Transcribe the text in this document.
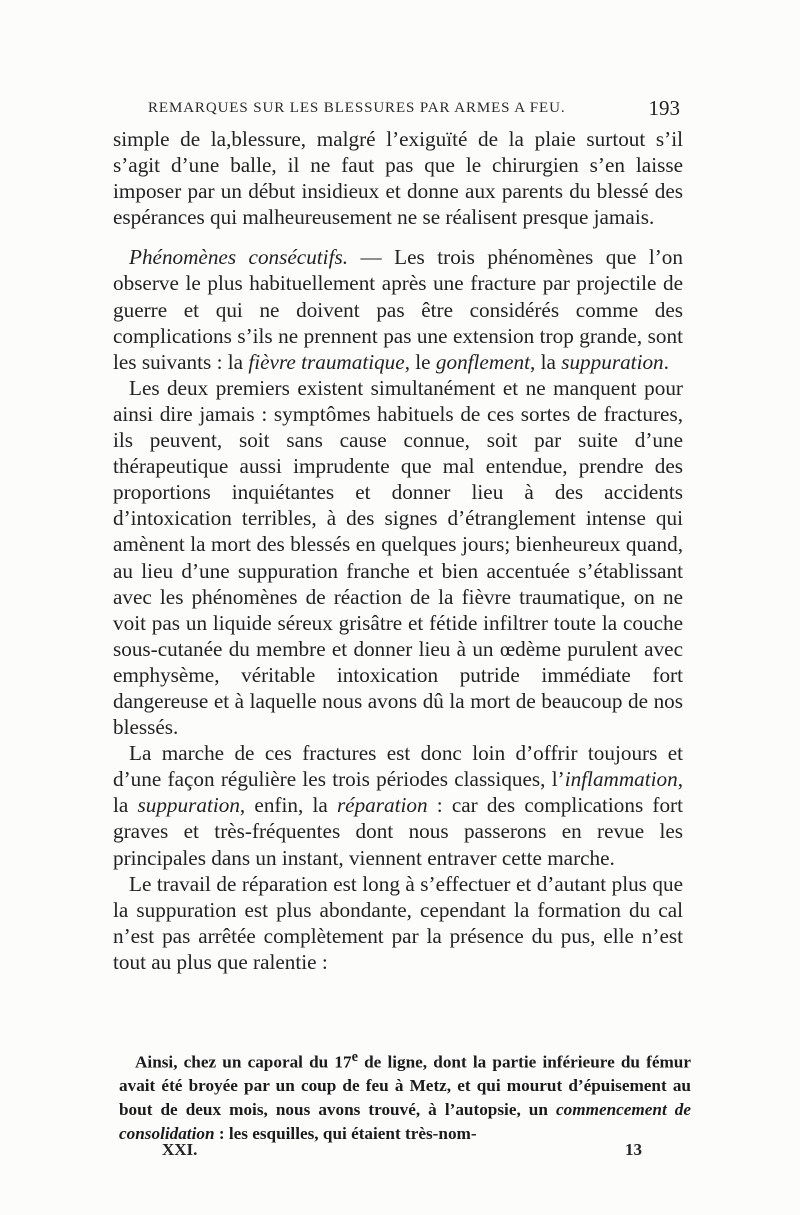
REMARQUES SUR LES BLESSURES PAR ARMES A FEU.	193

simple de la,blessure, malgré l’exiguïté de la plaie surtout s’il s’agit d’une balle, il ne faut pas que le chirurgien s’en laisse imposer par un début insidieux et donne aux parents du blessé des espérances qui malheureusement ne se réalisent presque jamais.

Phénomènes consécutifs. — Les trois phénomènes que l’on observe le plus habituellement après une fracture par projectile de guerre et qui ne doivent pas être considérés comme des complications s’ils ne prennent pas une extension trop grande, sont les suivants : la fièvre traumatique, le gonflement, la suppuration.

Les deux premiers existent simultanément et ne manquent pour ainsi dire jamais : symptômes habituels de ces sortes de fractures, ils peuvent, soit sans cause connue, soit par suite d’une thérapeutique aussi imprudente que mal entendue, prendre des proportions inquiétantes et donner lieu à des accidents d’intoxication terribles, à des signes d’étranglement intense qui amènent la mort des blessés en quelques jours; bienheureux quand, au lieu d’une suppuration franche et bien accentuée s’établissant avec les phénomènes de réaction de la fièvre traumatique, on ne voit pas un liquide séreux grisâtre et fétide infiltrer toute la couche sous-cutanée du membre et donner lieu à un œdème purulent avec emphysème, véritable intoxication putride immédiate fort dangereuse et à laquelle nous avons dû la mort de beaucoup de nos blessés.

La marche de ces fractures est donc loin d’offrir toujours et d’une façon régulière les trois périodes classiques, l’inflammation, la suppuration, enfin, la réparation : car des complications fort graves et très-fréquentes dont nous passerons en revue les principales dans un instant, viennent entraver cette marche.

Le travail de réparation est long à s’effectuer et d’autant plus que la suppuration est plus abondante, cependant la formation du cal n’est pas arrêtée complètement par la présence du pus, elle n’est tout au plus que ralentie :

Ainsi, chez un caporal du 17e de ligne, dont la partie inférieure du fémur avait été broyée par un coup de feu à Metz, et qui mourut d’épuisement au bout de deux mois, nous avons trouvé, à l’autopsie, un commencement de consolidation : les esquilles, qui étaient très-nom-

XXI.	13
